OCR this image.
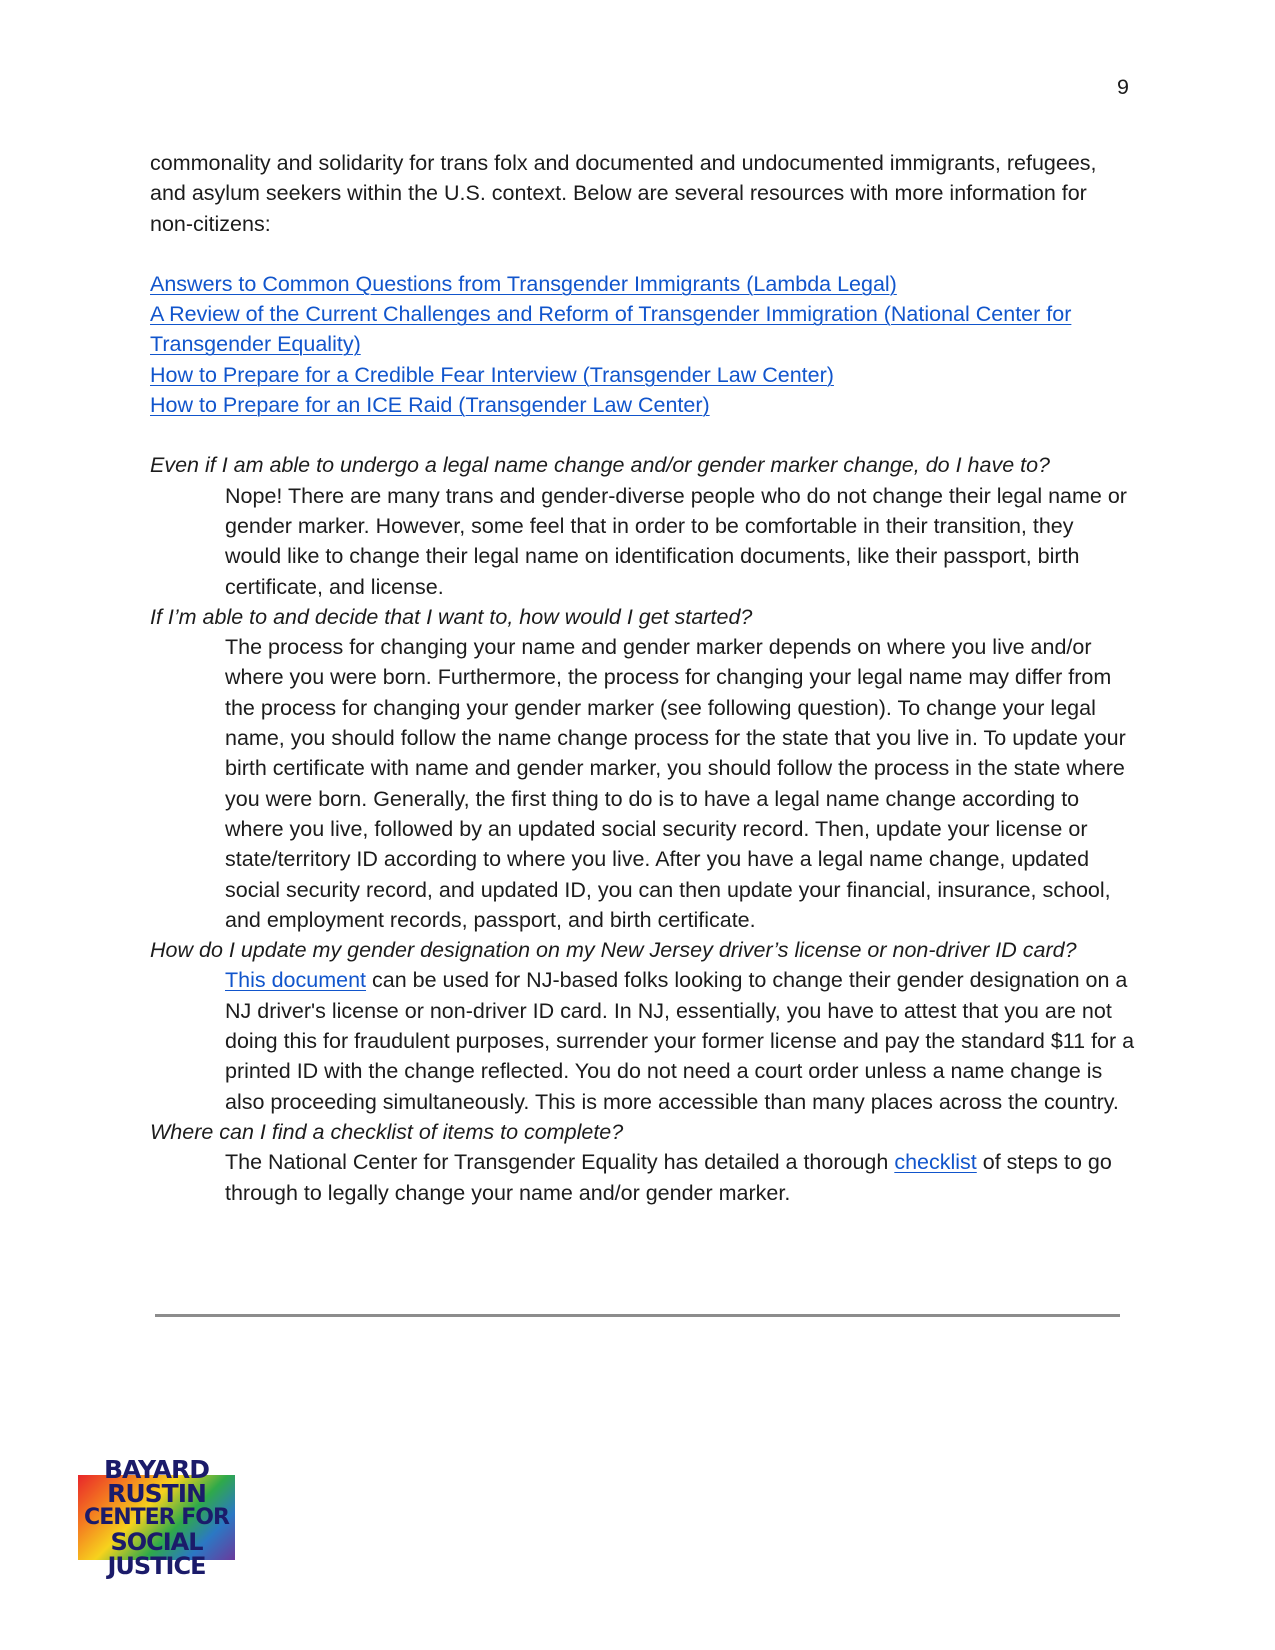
9

commonality and solidarity for trans folx and documented and undocumented immigrants, refugees, and asylum seekers within the U.S. context. Below are several resources with more information for non-citizens:

Answers to Common Questions from Transgender Immigrants (Lambda Legal)
A Review of the Current Challenges and Reform of Transgender Immigration (National Center for Transgender Equality)
How to Prepare for a Credible Fear Interview (Transgender Law Center)
How to Prepare for an ICE Raid (Transgender Law Center)

Even if I am able to undergo a legal name change and/or gender marker change, do I have to?

Nope! There are many trans and gender-diverse people who do not change their legal name or gender marker. However, some feel that in order to be comfortable in their transition, they would like to change their legal name on identification documents, like their passport, birth certificate, and license.

If I’m able to and decide that I want to, how would I get started?

The process for changing your name and gender marker depends on where you live and/or where you were born. Furthermore, the process for changing your legal name may differ from the process for changing your gender marker (see following question). To change your legal name, you should follow the name change process for the state that you live in. To update your birth certificate with name and gender marker, you should follow the process in the state where you were born. Generally, the first thing to do is to have a legal name change according to where you live, followed by an updated social security record. Then, update your license or state/territory ID according to where you live. After you have a legal name change, updated social security record, and updated ID, you can then update your financial, insurance, school, and employment records, passport, and birth certificate.

How do I update my gender designation on my New Jersey driver’s license or non-driver ID card?

This document can be used for NJ-based folks looking to change their gender designation on a NJ driver's license or non-driver ID card. In NJ, essentially, you have to attest that you are not doing this for fraudulent purposes, surrender your former license and pay the standard $11 for a printed ID with the change reflected. You do not need a court order unless a name change is also proceeding simultaneously. This is more accessible than many places across the country.

Where can I find a checklist of items to complete?

The National Center for Transgender Equality has detailed a thorough checklist of steps to go through to legally change your name and/or gender marker.

BAYARD RUSTIN
CENTER FOR
SOCIAL JUSTICE
